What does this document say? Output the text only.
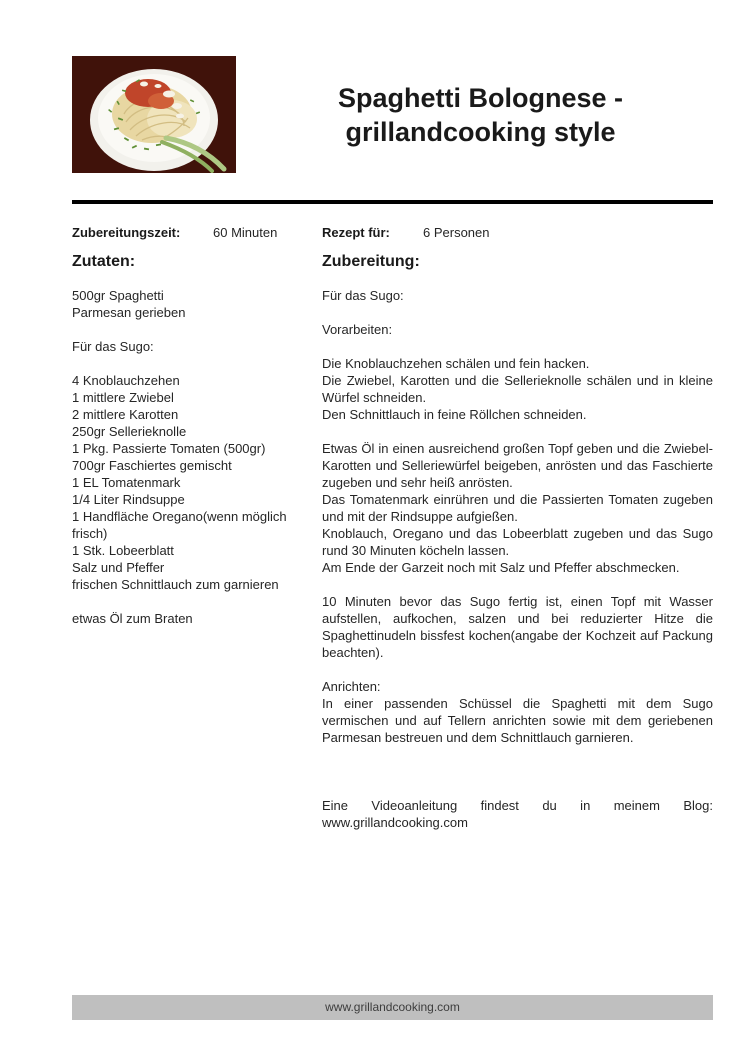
Spaghetti Bolognese -
grillandcooking style
Zubereitungszeit:	60 Minuten	Rezept für:	6 Personen
Zutaten:
500gr Spaghetti
Parmesan gerieben
Für das Sugo:
4 Knoblauchzehen
1 mittlere Zwiebel
2 mittlere Karotten
250gr Sellerieknolle
1 Pkg. Passierte Tomaten (500gr)
700gr Faschiertes gemischt
1 EL Tomatenmark
1/4 Liter Rindsuppe
1 Handfläche Oregano(wenn möglich frisch)
1 Stk. Lobeerblatt
Salz und Pfeffer
frischen Schnittlauch zum garnieren
etwas Öl zum Braten
Zubereitung:
Für das Sugo:
Vorarbeiten:
Die Knoblauchzehen schälen und fein hacken.
Die Zwiebel, Karotten und die Sellerieknolle schälen und in kleine Würfel schneiden.
Den Schnittlauch in feine Röllchen schneiden.
Etwas Öl in einen ausreichend großen Topf geben und die Zwiebel-Karotten und Selleriewürfel beigeben, anrösten und das Faschierte zugeben und sehr heiß anrösten.
Das Tomatenmark einrühren und die Passierten Tomaten zugeben und mit der Rindsuppe aufgießen.
Knoblauch, Oregano und das Lobeerblatt zugeben und das Sugo rund 30 Minuten köcheln lassen.
Am Ende der Garzeit noch mit Salz und Pfeffer abschmecken.
10 Minuten bevor das Sugo fertig ist, einen Topf mit Wasser aufstellen, aufkochen, salzen und bei reduzierter Hitze die Spaghettinudeln bissfest kochen(angabe der Kochzeit auf Packung beachten).
Anrichten:
In einer passenden Schüssel die Spaghetti mit dem Sugo vermischen und auf Tellern anrichten sowie mit dem geriebenen Parmesan bestreuen und dem Schnittlauch garnieren.
Eine Videoanleitung findest du in meinem Blog: www.grillandcooking.com
www.grillandcooking.com
